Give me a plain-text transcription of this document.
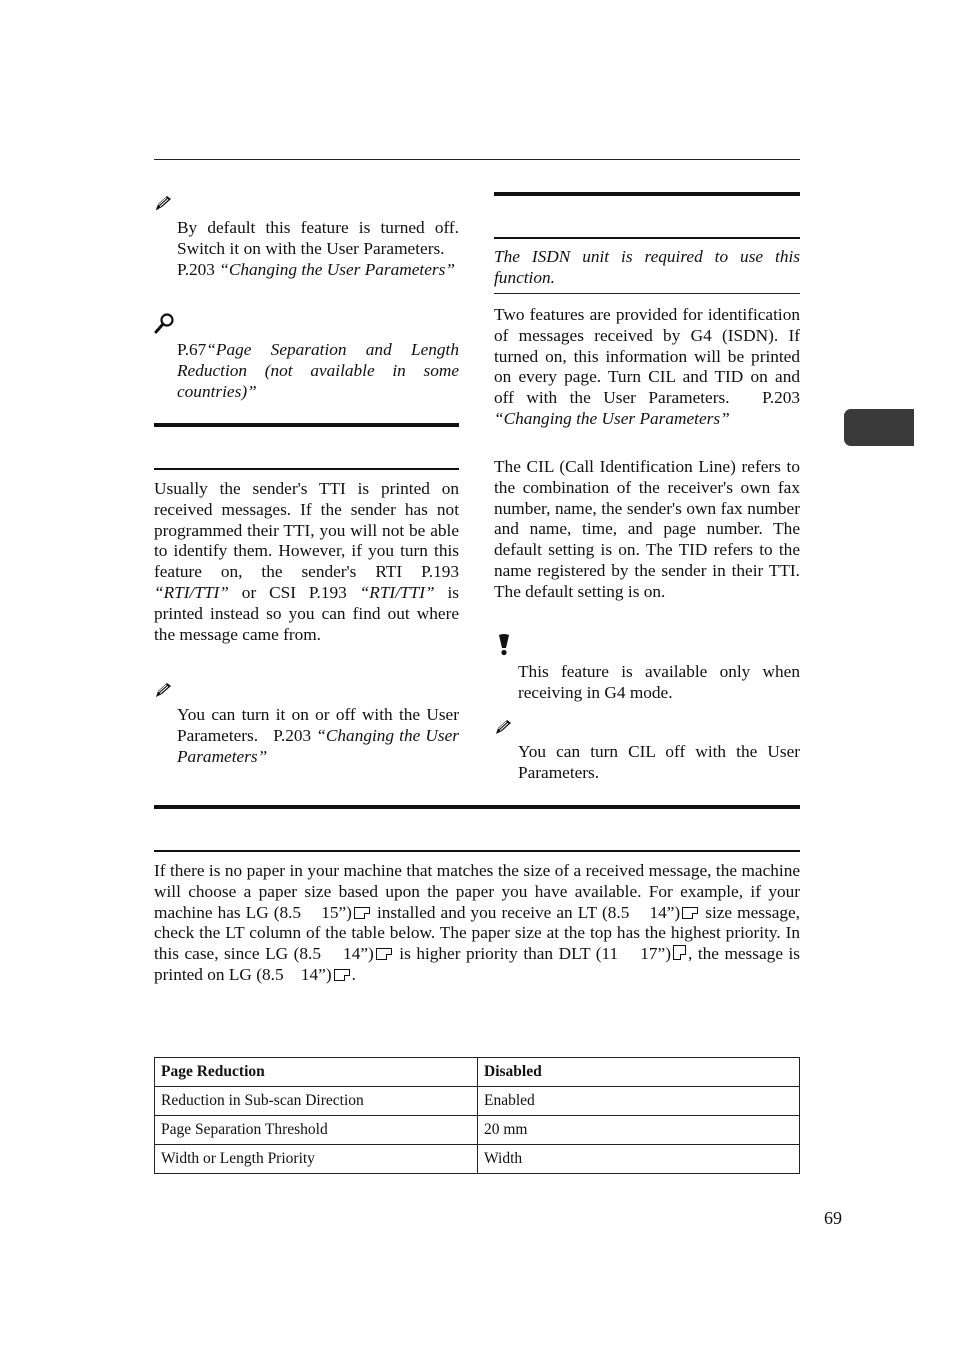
By default this feature is turned off. Switch it on with the User Parameters. P.203 “Changing the User Parameters”
P.67“Page Separation and Length Reduction (not available in some countries)”
Usually the sender's TTI is printed on received messages. If the sender has not programmed their TTI, you will not be able to identify them. However, if you turn this feature on, the sender's RTI P.193 “RTI/TTI” or CSI P.193 “RTI/TTI” is printed instead so you can find out where the message came from.
You can turn it on or off with the User Parameters. P.203 “Changing the User Parameters”
The ISDN unit is required to use this function.
Two features are provided for identification of messages received by G4 (ISDN). If turned on, this information will be printed on every page. Turn CIL and TID on and off with the User Parameters. P.203 “Changing the User Parameters”
The CIL (Call Identification Line) refers to the combination of the receiver's own fax number, name, the sender's own fax number and name, time, and page number. The default setting is on. The TID refers to the name registered by the sender in their TTI. The default setting is on.
This feature is available only when receiving in G4 mode.
You can turn CIL off with the User Parameters.
If there is no paper in your machine that matches the size of a received message, the machine will choose a paper size based upon the paper you have available. For example, if your machine has LG (8.5 15”) installed and you receive an LT (8.5 14”) size message, check the LT column of the table below. The paper size at the top has the highest priority. In this case, since LG (8.5 14”) is higher priority than DLT (11 17”) , the message is printed on LG (8.5 14”) .
Page Reduction	Disabled
Reduction in Sub-scan Direction	Enabled
Page Separation Threshold	20 mm
Width or Length Priority	Width
69
